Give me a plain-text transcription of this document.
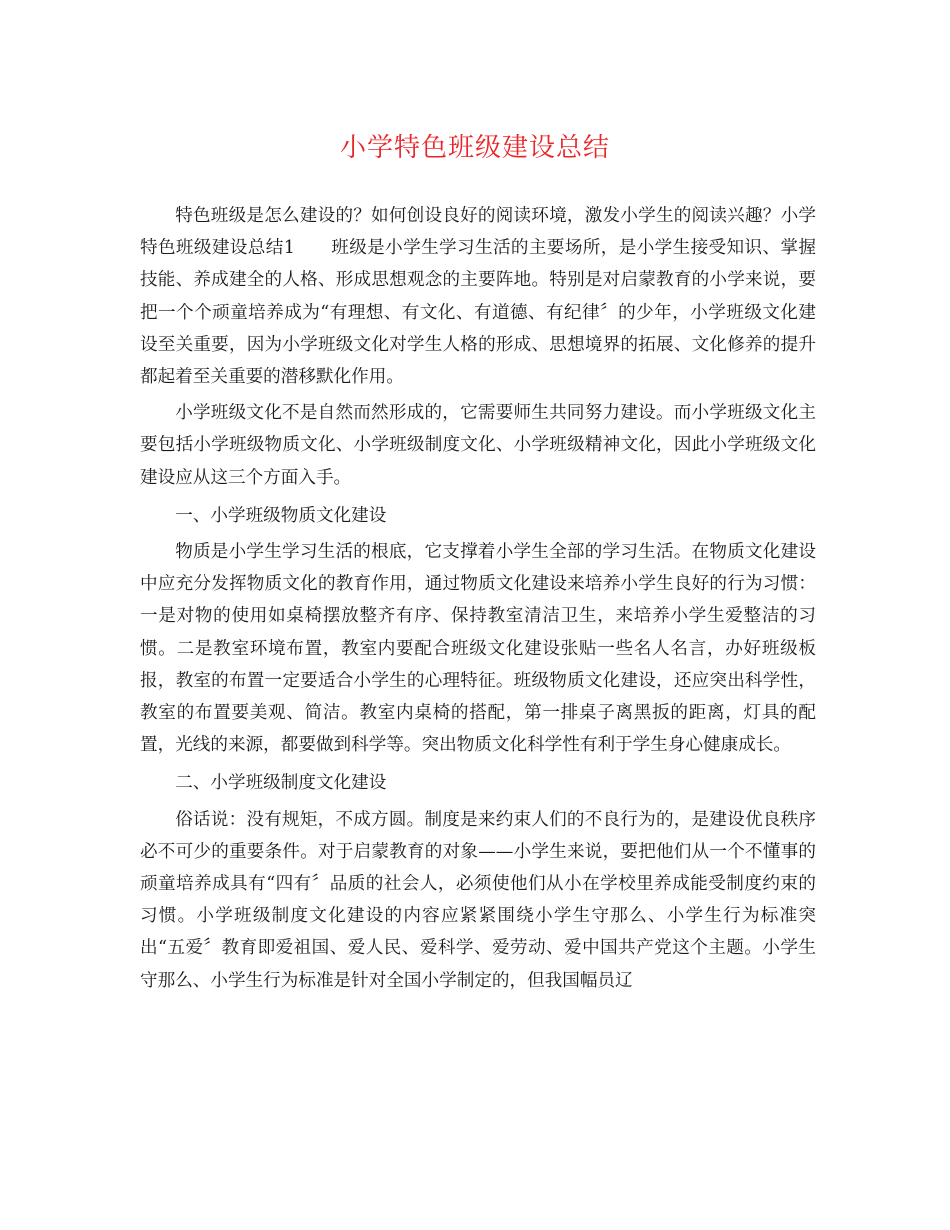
小学特色班级建设总结

特色班级是怎么建设的？如何创设良好的阅读环境，激发小学生的阅读兴趣？小学特色班级建设总结1　　班级是小学生学习生活的主要场所，是小学生接受知识、掌握技能、养成建全的人格、形成思想观念的主要阵地。特别是对启蒙教育的小学来说，要把一个个顽童培养成为“有理想、有文化、有道德、有纪律〞的少年，小学班级文化建设至关重要，因为小学班级文化对学生人格的形成、思想境界的拓展、文化修养的提升都起着至关重要的潜移默化作用。

小学班级文化不是自然而然形成的，它需要师生共同努力建设。而小学班级文化主要包括小学班级物质文化、小学班级制度文化、小学班级精神文化，因此小学班级文化建设应从这三个方面入手。

一、小学班级物质文化建设

物质是小学生学习生活的根底，它支撑着小学生全部的学习生活。在物质文化建设中应充分发挥物质文化的教育作用，通过物质文化建设来培养小学生良好的行为习惯：一是对物的使用如桌椅摆放整齐有序、保持教室清洁卫生，来培养小学生爱整洁的习惯。二是教室环境布置，教室内要配合班级文化建设张贴一些名人名言，办好班级板报，教室的布置一定要适合小学生的心理特征。班级物质文化建设，还应突出科学性，教室的布置要美观、简洁。教室内桌椅的搭配，第一排桌子离黑扳的距离，灯具的配置，光线的来源，都要做到科学等。突出物质文化科学性有利于学生身心健康成长。

二、小学班级制度文化建设

俗话说：没有规矩，不成方圆。制度是来约束人们的不良行为的，是建设优良秩序必不可少的重要条件。对于启蒙教育的对象——小学生来说，要把他们从一个不懂事的顽童培养成具有“四有〞品质的社会人，必须使他们从小在学校里养成能受制度约束的习惯。小学班级制度文化建设的内容应紧紧围绕小学生守那么、小学生行为标准突出“五爱〞教育即爱祖国、爱人民、爱科学、爱劳动、爱中国共产党这个主题。小学生守那么、小学生行为标准是针对全国小学制定的，但我国幅员辽
